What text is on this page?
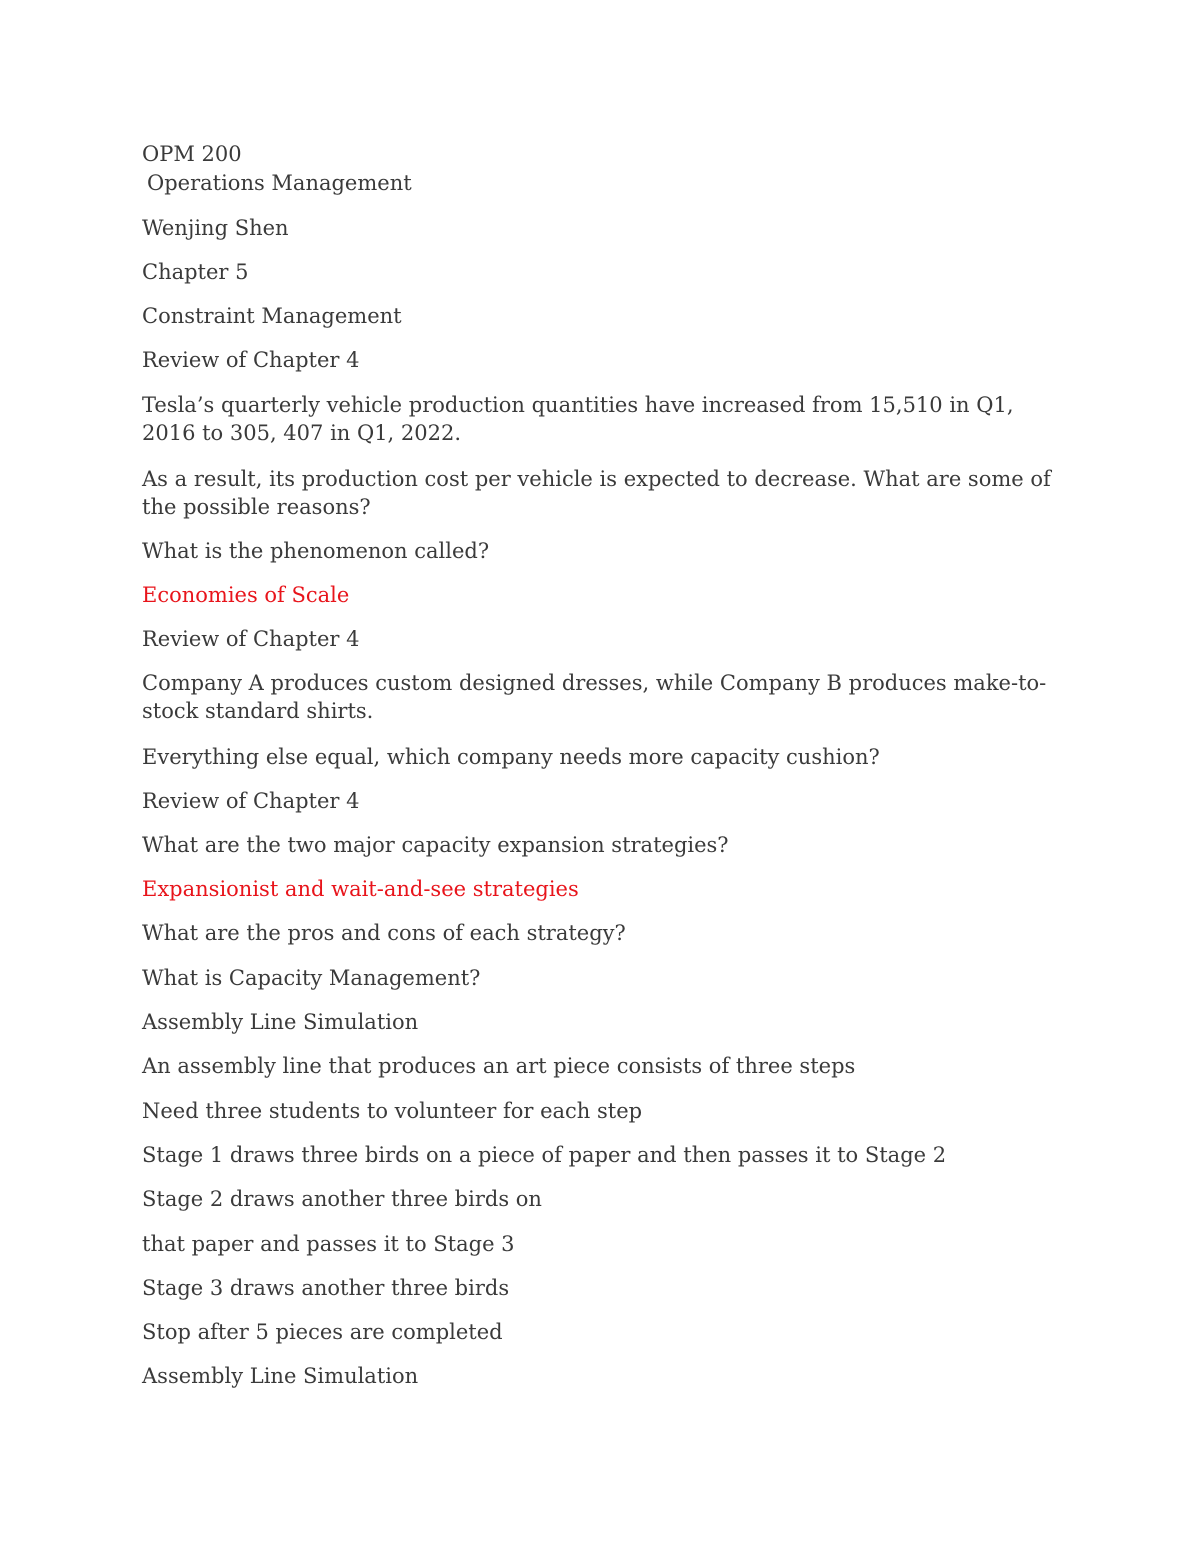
OPM 200

Operations Management

Wenjing Shen

Chapter 5

Constraint Management

Review of Chapter 4

Tesla’s quarterly vehicle production quantities have increased from 15,510 in Q1, 2016 to 305, 407 in Q1, 2022.

As a result, its production cost per vehicle is expected to decrease. What are some of the possible reasons?

What is the phenomenon called?

Economies of Scale

Review of Chapter 4

Company A produces custom designed dresses, while Company B produces make-to-stock standard shirts.

Everything else equal, which company needs more capacity cushion?

Review of Chapter 4

What are the two major capacity expansion strategies?

Expansionist and wait-and-see strategies

What are the pros and cons of each strategy?

What is Capacity Management?

Assembly Line Simulation

An assembly line that produces an art piece consists of three steps

Need three students to volunteer for each step

Stage 1 draws three birds on a piece of paper and then passes it to Stage 2

Stage 2 draws another three birds on

that paper and passes it to Stage 3

Stage 3 draws another three birds

Stop after 5 pieces are completed

Assembly Line Simulation
